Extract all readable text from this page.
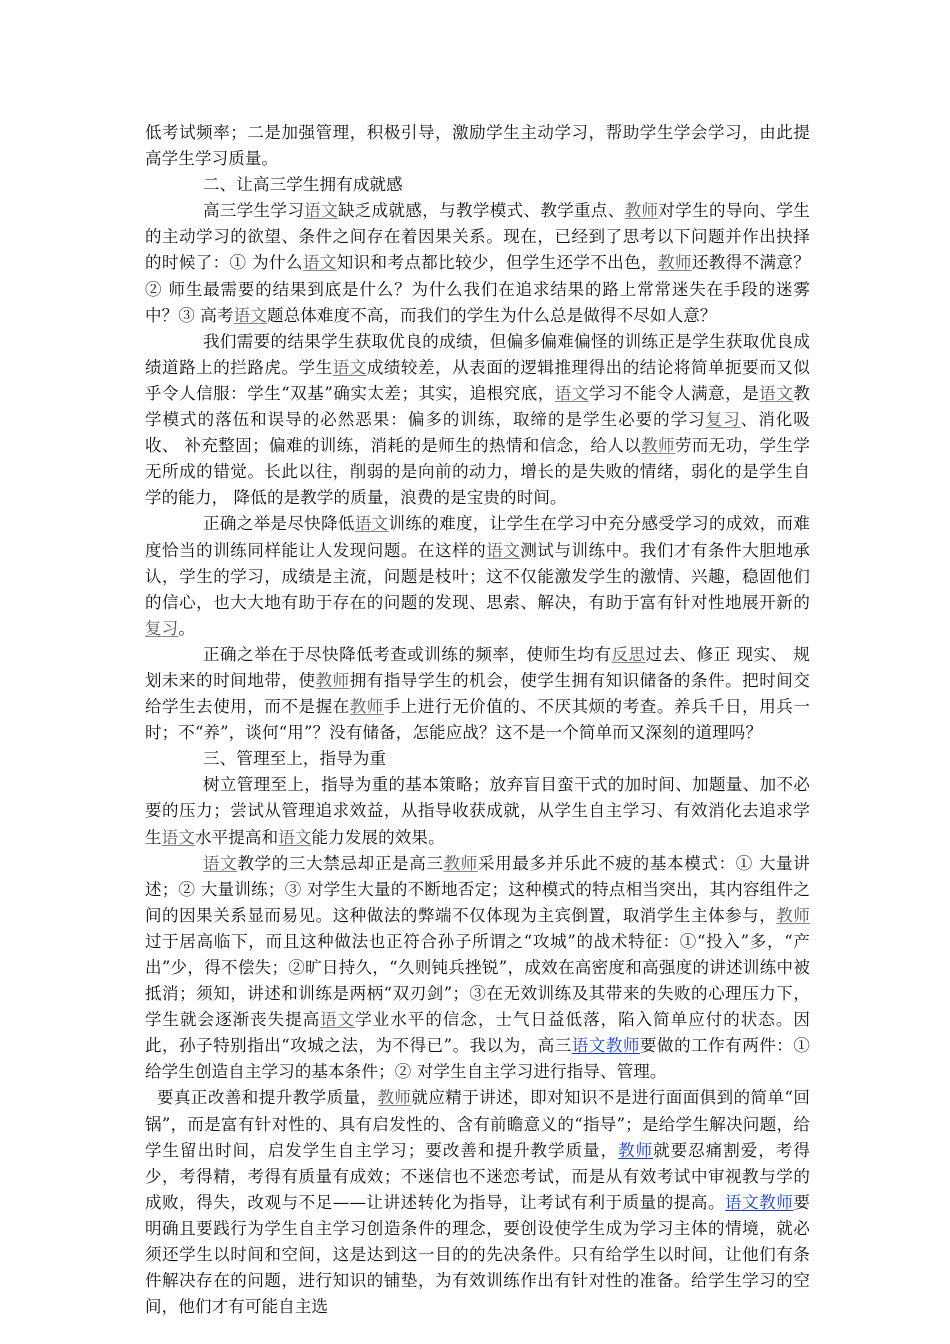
低考试频率；二是加强管理，积极引导，激励学生主动学习，帮助学生学会学习，由此提高学生学习质量。

二、让高三学生拥有成就感

高三学生学习语文缺乏成就感，与教学模式、教学重点、教师对学生的导向、学生的主动学习的欲望、条件之间存在着因果关系。现在，已经到了思考以下问题并作出抉择的时候了：① 为什么语文知识和考点都比较少，但学生还学不出色，教师还教得不满意？② 师生最需要的结果到底是什么？为什么我们在追求结果的路上常常迷失在手段的迷雾中？③ 高考语文题总体难度不高，而我们的学生为什么总是做得不尽如人意？

我们需要的结果学生获取优良的成绩，但偏多偏难偏怪的训练正是学生获取优良成绩道路上的拦路虎。学生语文成绩较差，从表面的逻辑推理得出的结论将简单扼要而又似乎令人信服：学生“双基”确实太差；其实，追根究底，语文学习不能令人满意，是语文教学模式的落伍和误导的必然恶果：偏多的训练，取缔的是学生必要的学习复习、消化吸收、 补充整固；偏难的训练，消耗的是师生的热情和信念，给人以教师劳而无功，学生学无所成的错觉。长此以往，削弱的是向前的动力，增长的是失败的情绪，弱化的是学生自学的能力， 降低的是教学的质量，浪费的是宝贵的时间。

正确之举是尽快降低语文训练的难度，让学生在学习中充分感受学习的成效，而难度恰当的训练同样能让人发现问题。在这样的语文测试与训练中。我们才有条件大胆地承认，学生的学习，成绩是主流，问题是枝叶；这不仅能激发学生的激情、兴趣，稳固他们的信心，也大大地有助于存在的问题的发现、思索、解决，有助于富有针对性地展开新的复习。

正确之举在于尽快降低考查或训练的频率，使师生均有反思过去、修正 现实、 规划未来的时间地带，使教师拥有指导学生的机会，使学生拥有知识储备的条件。把时间交给学生去使用，而不是握在教师手上进行无价值的、不厌其烦的考查。养兵千日，用兵一时；不“养”，谈何“用”？没有储备，怎能应战？这不是一个简单而又深刻的道理吗？

三、管理至上，指导为重

树立管理至上，指导为重的基本策略；放弃盲目蛮干式的加时间、加题量、加不必要的压力；尝试从管理追求效益，从指导收获成就，从学生自主学习、有效消化去追求学生语文水平提高和语文能力发展的效果。

语文教学的三大禁忌却正是高三教师采用最多并乐此不疲的基本模式：① 大量讲述；② 大量训练；③ 对学生大量的不断地否定；这种模式的特点相当突出，其内容组件之间的因果关系显而易见。这种做法的弊端不仅体现为主宾倒置，取消学生主体参与，教师过于居高临下，而且这种做法也正符合孙子所谓之“攻城”的战术特征：①“投入”多，“产出”少，得不偿失；②旷日持久，“久则钝兵挫锐”，成效在高密度和高强度的讲述训练中被抵消；须知，讲述和训练是两柄“双刃剑”；③在无效训练及其带来的失败的心理压力下，学生就会逐渐丧失提高语文学业水平的信念，士气日益低落，陷入简单应付的状态。因此，孙子特别指出“攻城之法，为不得已”。我以为，高三语文教师要做的工作有两件：① 给学生创造自主学习的基本条件；② 对学生自主学习进行指导、管理。

要真正改善和提升教学质量，教师就应精于讲述，即对知识不是进行面面俱到的简单“回锅”，而是富有针对性的、具有启发性的、含有前瞻意义的“指导”；是给学生解决问题，给学生留出时间，启发学生自主学习；要改善和提升教学质量，教师就要忍痛割爱，考得少，考得精，考得有质量有成效；不迷信也不迷恋考试，而是从有效考试中审视教与学的成败，得失，改观与不足——让讲述转化为指导，让考试有利于质量的提高。语文教师要明确且要践行为学生自主学习创造条件的理念，要创设使学生成为学习主体的情境，就必须还学生以时间和空间，这是达到这一目的的先决条件。只有给学生以时间，让他们有条件解决存在的问题，进行知识的铺垫，为有效训练作出有针对性的准备。给学生学习的空间，他们才有可能自主选
